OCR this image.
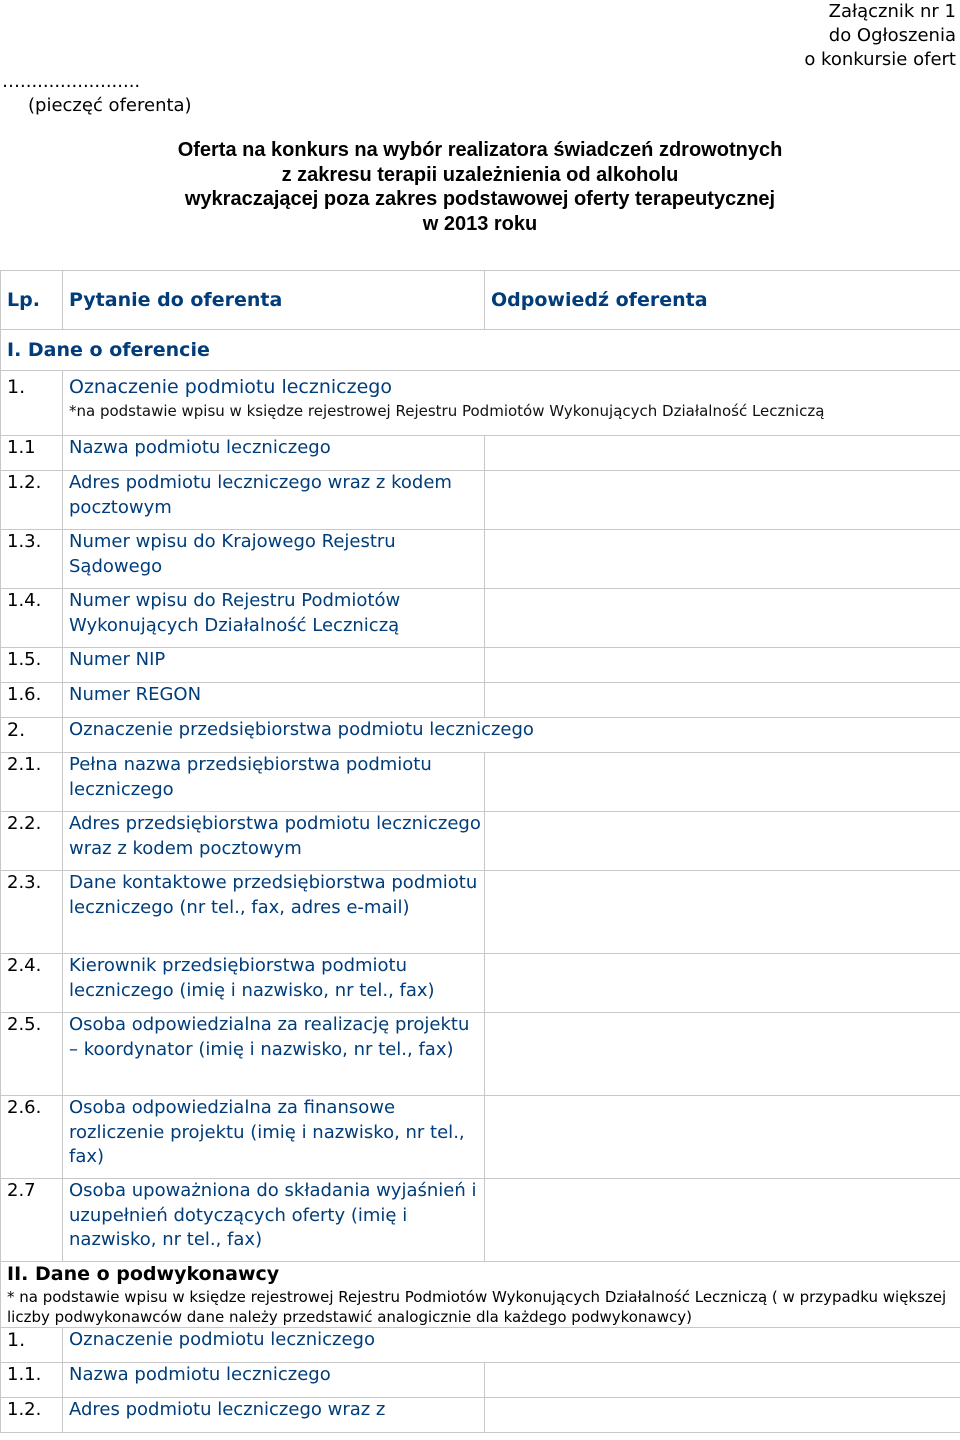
Załącznik nr 1
do Ogłoszenia
o konkursie ofert
….....................
(pieczęć oferenta)
Oferta na konkurs na wybór realizatora świadczeń zdrowotnych
z zakresu terapii uzależnienia od alkoholu
wykraczającej poza zakres podstawowej oferty terapeutycznej
w 2013 roku
Lp.	Pytanie do oferenta	Odpowiedź oferenta
I. Dane o oferencie		
1.	Oznaczenie podmiotu leczniczego
*na podstawie wpisu w księdze rejestrowej Rejestru Podmiotów Wykonujących Działalność Leczniczą	

1.1	Nazwa podmiotu leczniczego	
1.2.	Adres podmiotu leczniczego wraz z kodem pocztowym	
1.3.	Numer wpisu do Krajowego Rejestru Sądowego	
1.4.	Numer wpisu do Rejestru Podmiotów Wykonujących Działalność Leczniczą	
1.5.	Numer NIP	
1.6.	Numer REGON	
2.	Oznaczenie przedsiębiorstwa podmiotu leczniczego	
2.1.	Pełna nazwa przedsiębiorstwa podmiotu leczniczego	
2.2.	Adres przedsiębiorstwa podmiotu leczniczego wraz z kodem pocztowym	
2.3.	Dane kontaktowe przedsiębiorstwa podmiotu leczniczego (nr tel., fax, adres e-mail)	
2.4.	Kierownik przedsiębiorstwa podmiotu leczniczego (imię i nazwisko, nr tel., fax)	
2.5.	Osoba odpowiedzialna za realizację projektu – koordynator (imię i nazwisko, nr tel., fax)	
2.6.	Osoba odpowiedzialna za finansowe rozliczenie projektu (imię i nazwisko, nr tel., fax)	
2.7	Osoba upoważniona do składania wyjaśnień i uzupełnień dotyczących oferty (imię i nazwisko, nr tel., fax)	

II. Dane o podwykonawcy
* na podstawie wpisu w księdze rejestrowej Rejestru Podmiotów Wykonujących Działalność Leczniczą ( w przypadku większej liczby podwykonawców dane należy przedstawić analogicznie dla każdego podwykonawcy)		

1.	Oznaczenie podmiotu leczniczego	
1.1.	Nazwa podmiotu leczniczego	
1.2.	Adres podmiotu leczniczego wraz z	
